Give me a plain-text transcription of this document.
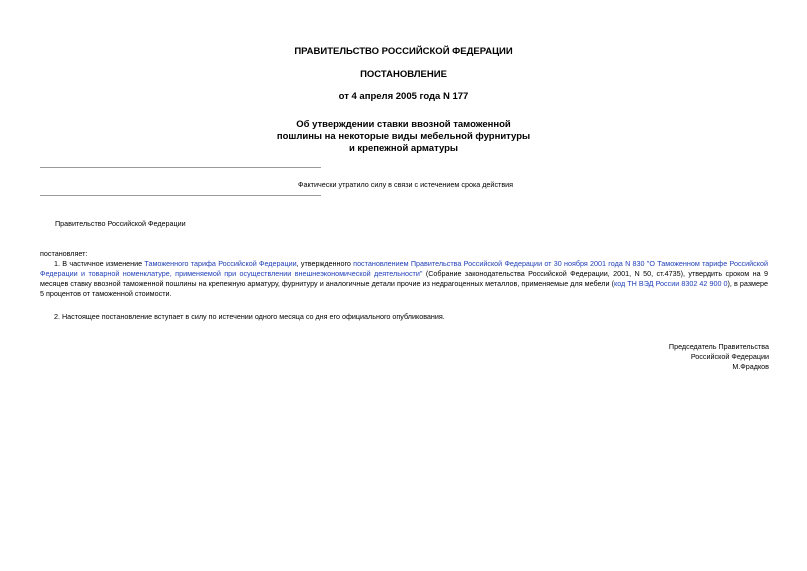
ПРАВИТЕЛЬСТВО РОССИЙСКОЙ ФЕДЕРАЦИИ
ПОСТАНОВЛЕНИЕ
от 4 апреля 2005 года N 177
Об утверждении ставки ввозной таможенной
пошлины на некоторые виды мебельной фурнитуры
и крепежной арматуры
Фактически утратило силу в связи с истечением срока действия
Правительство Российской Федерации
постановляет:
1. В частичное изменение Таможенного тарифа Российской Федерации, утвержденного постановлением Правительства Российской Федерации от 30 ноября 2001 года N 830 "О Таможенном тарифе Российской Федерации и товарной номенклатуре, применяемой при осуществлении внешнеэкономической деятельности" (Собрание законодательства Российской Федерации, 2001, N 50, ст.4735), утвердить сроком на 9 месяцев ставку ввозной таможенной пошлины на крепежную арматуру, фурнитуру и аналогичные детали прочие из недрагоценных металлов, применяемые для мебели (код ТН ВЭД России 8302 42 900 0), в размере 5 процентов от таможенной стоимости.
2. Настоящее постановление вступает в силу по истечении одного месяца со дня его официального опубликования.
Председатель Правительства
Российской Федерации
М.Фрадков
